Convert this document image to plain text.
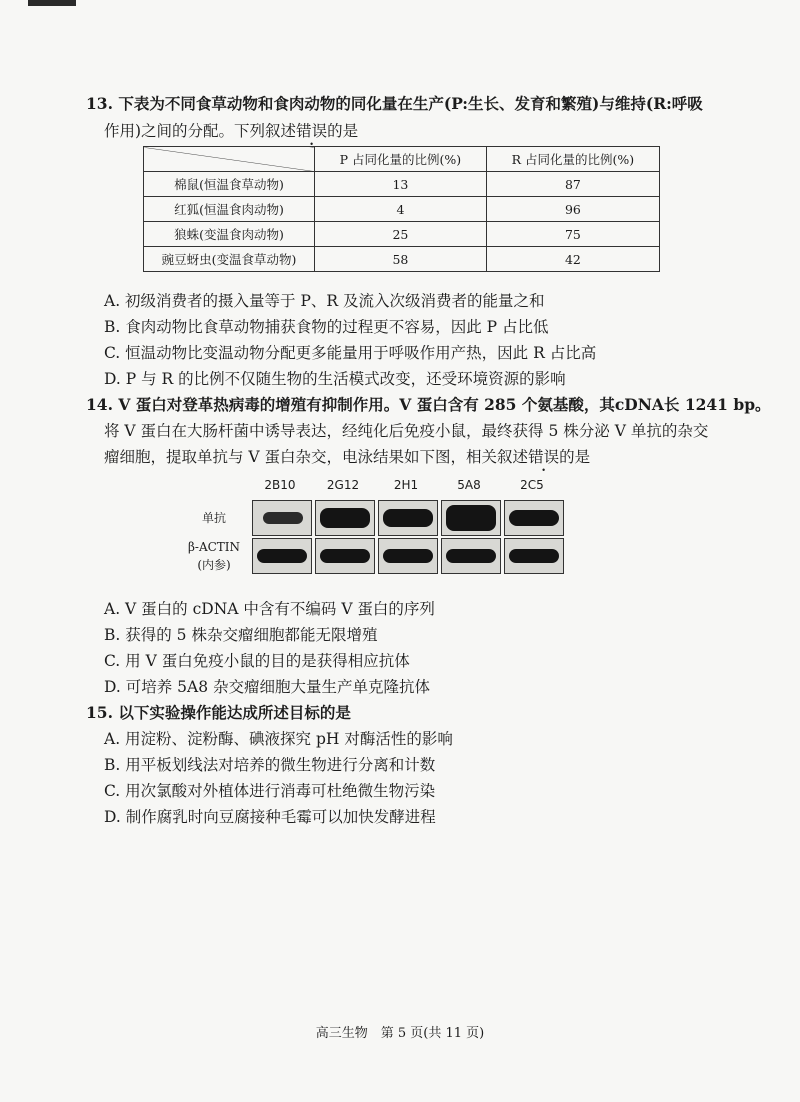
13. 下表为不同食草动物和食肉动物的同化量在生产(P:生长、发育和繁殖)与维持(R:呼吸
作用)之间的分配。下列叙述错误的是
	P 占同化量的比例(%)	R 占同化量的比例(%)
棉鼠(恒温食草动物)	13	87
红狐(恒温食肉动物)	4	96
狼蛛(变温食肉动物)	25	75
豌豆蚜虫(变温食草动物)	58	42
A. 初级消费者的摄入量等于 P、R 及流入次级消费者的能量之和
B. 食肉动物比食草动物捕获食物的过程更不容易，因此 P 占比低
C. 恒温动物比变温动物分配更多能量用于呼吸作用产热，因此 R 占比高
D. P 与 R 的比例不仅随生物的生活模式改变，还受环境资源的影响
14. V 蛋白对登革热病毒的增殖有抑制作用。V 蛋白含有 285 个氨基酸，其cDNA长 1241 bp。
将 V 蛋白在大肠杆菌中诱导表达，经纯化后免疫小鼠，最终获得 5 株分泌 V 单抗的杂交
瘤细胞，提取单抗与 V 蛋白杂交，电泳结果如下图，相关叙述错误的是
2B10	2G12	2H1	5A8	2C5
单抗
β-ACTIN
(内参)
A. V 蛋白的 cDNA 中含有不编码 V 蛋白的序列
B. 获得的 5 株杂交瘤细胞都能无限增殖
C. 用 V 蛋白免疫小鼠的目的是获得相应抗体
D. 可培养 5A8 杂交瘤细胞大量生产单克隆抗体
15. 以下实验操作能达成所述目标的是
A. 用淀粉、淀粉酶、碘液探究 pH 对酶活性的影响
B. 用平板划线法对培养的微生物进行分离和计数
C. 用次氯酸对外植体进行消毒可杜绝微生物污染
D. 制作腐乳时向豆腐接种毛霉可以加快发酵进程
高三生物　第 5 页(共 11 页)
